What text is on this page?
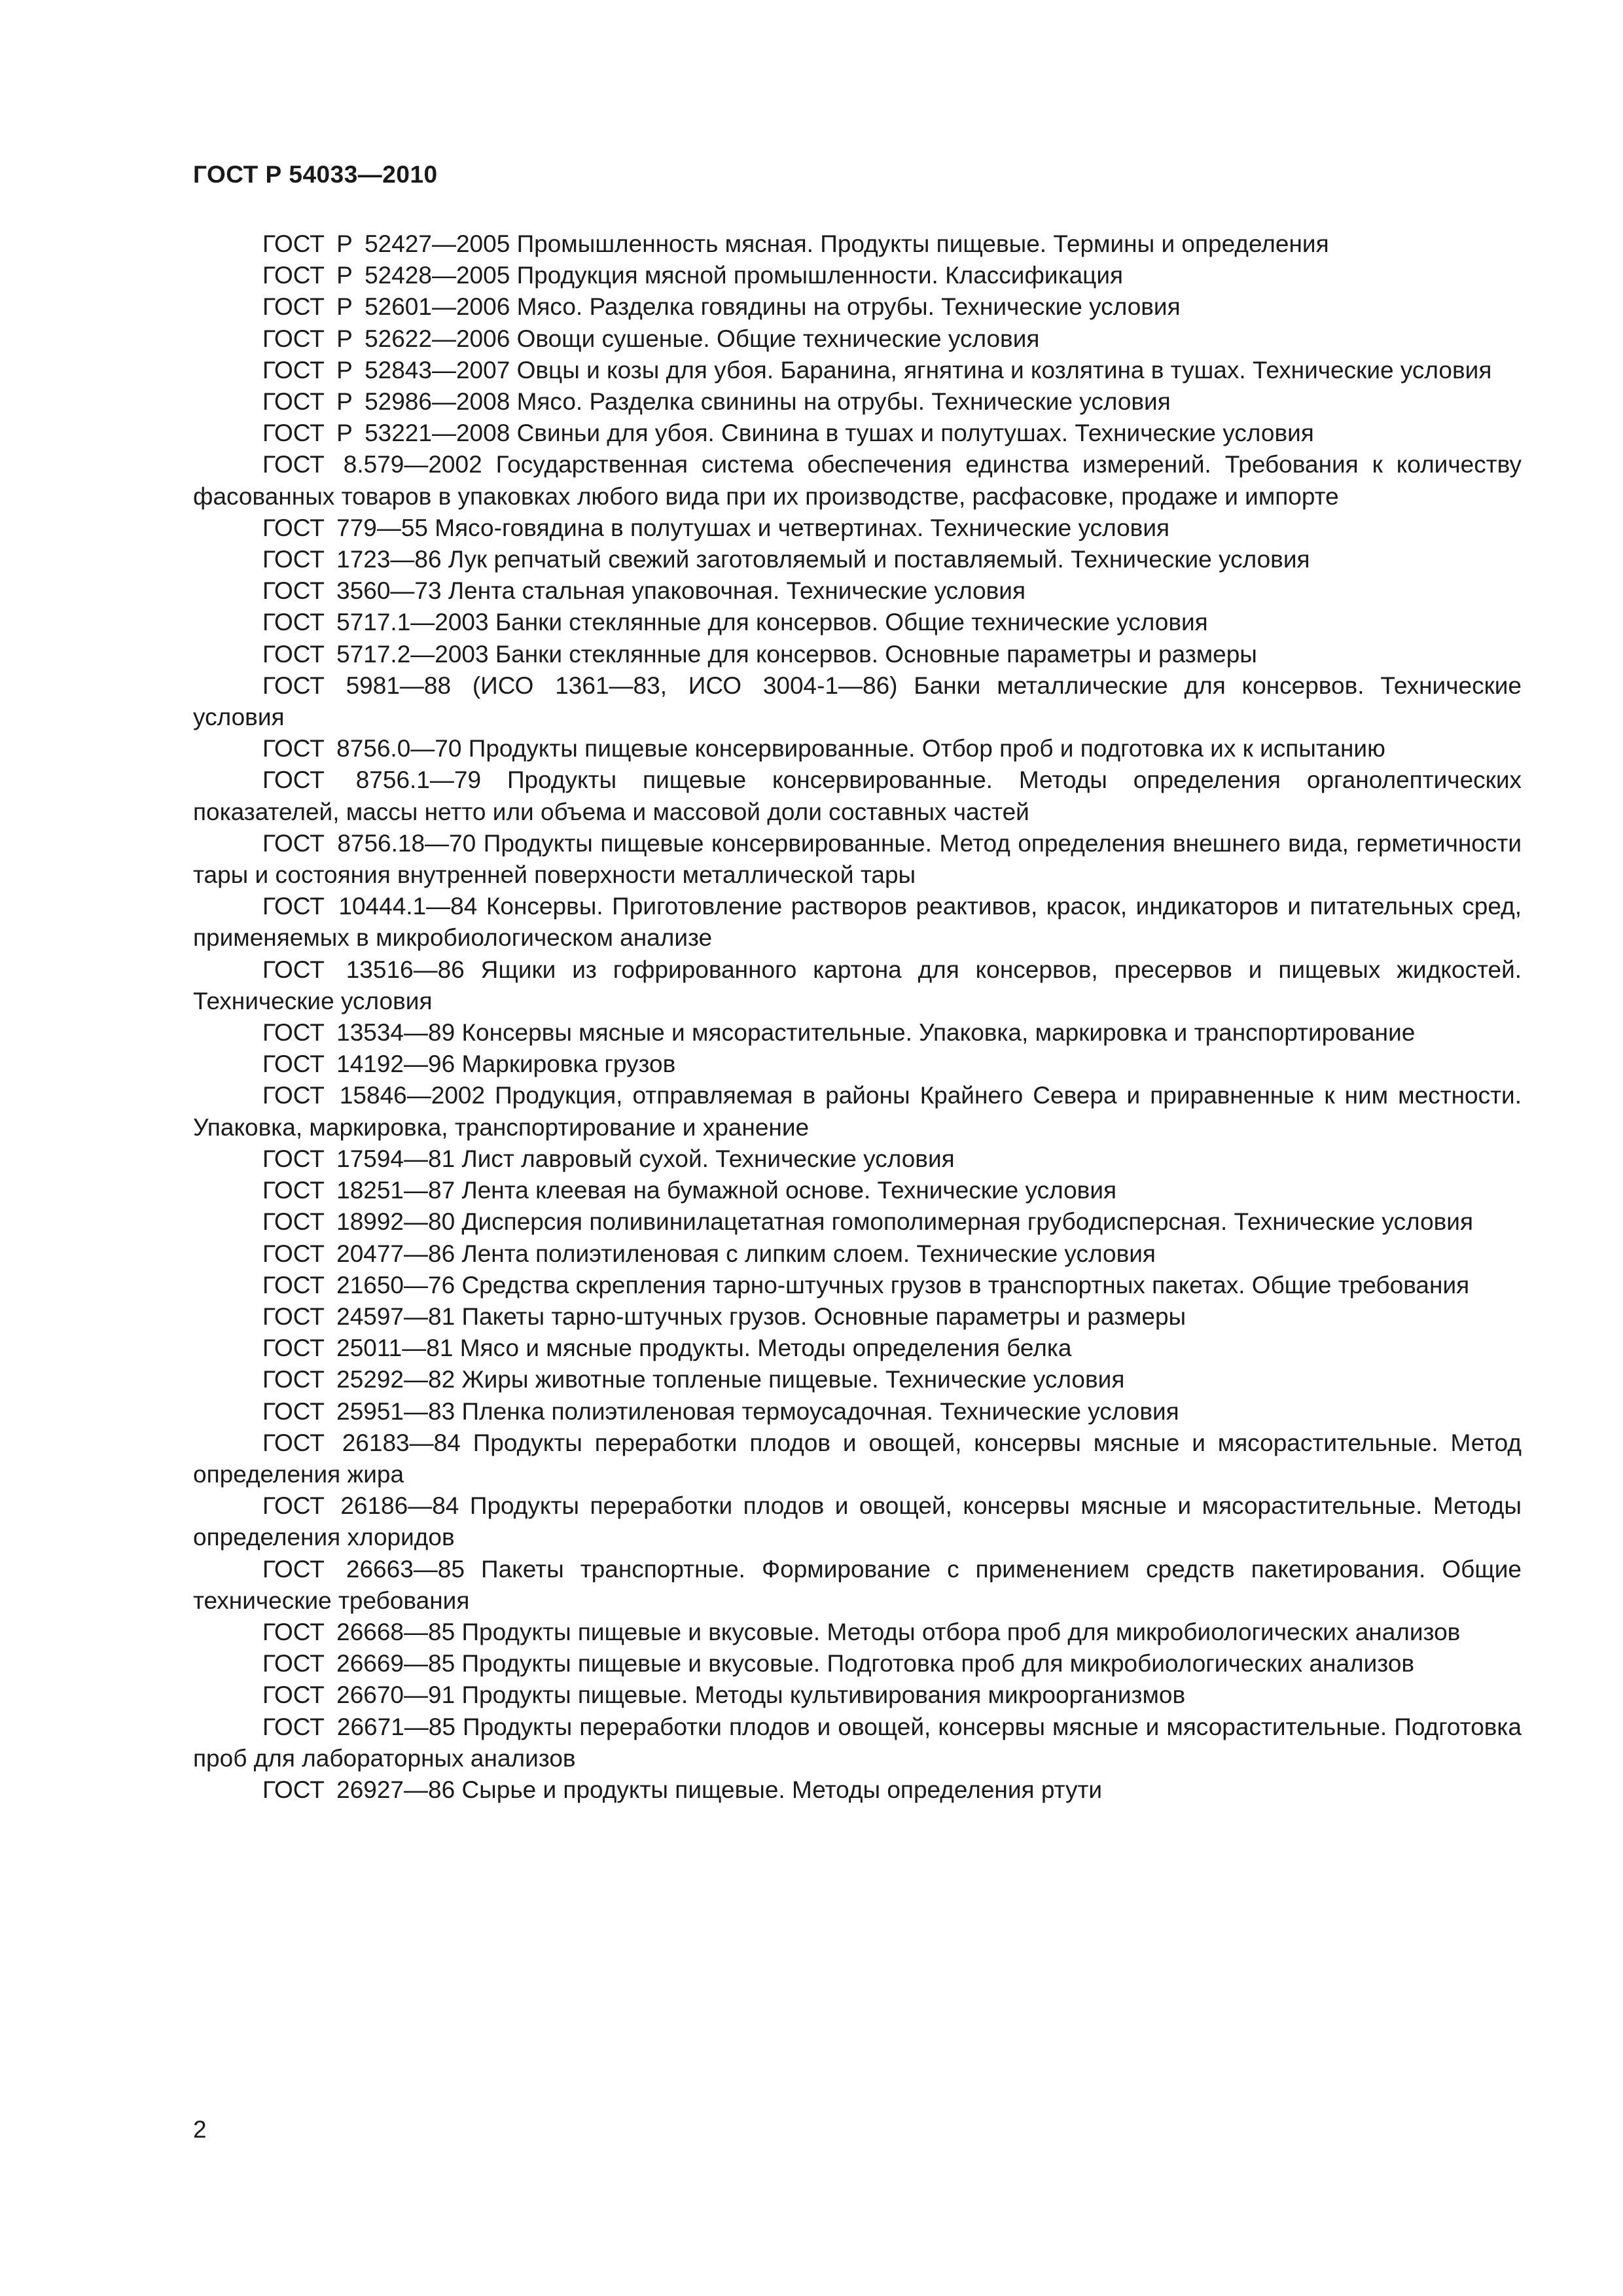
ГОСТ Р 54033—2010
ГОСТ Р 52427—2005 Промышленность мясная. Продукты пищевые. Термины и определения
ГОСТ Р 52428—2005 Продукция мясной промышленности. Классификация
ГОСТ Р 52601—2006 Мясо. Разделка говядины на отрубы. Технические условия
ГОСТ Р 52622—2006 Овощи сушеные. Общие технические условия
ГОСТ Р 52843—2007 Овцы и козы для убоя. Баранина, ягнятина и козлятина в тушах. Технические условия
ГОСТ Р 52986—2008 Мясо. Разделка свинины на отрубы. Технические условия
ГОСТ Р 53221—2008 Свиньи для убоя. Свинина в тушах и полутушах. Технические условия
ГОСТ 8.579—2002 Государственная система обеспечения единства измерений. Требования к количеству фасованных товаров в упаковках любого вида при их производстве, расфасовке, продаже и импорте
ГОСТ 779—55 Мясо-говядина в полутушах и четвертинах. Технические условия
ГОСТ 1723—86 Лук репчатый свежий заготовляемый и поставляемый. Технические условия
ГОСТ 3560—73 Лента стальная упаковочная. Технические условия
ГОСТ 5717.1—2003 Банки стеклянные для консервов. Общие технические условия
ГОСТ 5717.2—2003 Банки стеклянные для консервов. Основные параметры и размеры
ГОСТ 5981—88 (ИСО 1361—83, ИСО 3004-1—86) Банки металлические для консервов. Технические условия
ГОСТ 8756.0—70 Продукты пищевые консервированные. Отбор проб и подготовка их к испытанию
ГОСТ 8756.1—79 Продукты пищевые консервированные. Методы определения органолептических показателей, массы нетто или объема и массовой доли составных частей
ГОСТ 8756.18—70 Продукты пищевые консервированные. Метод определения внешнего вида, герметичности тары и состояния внутренней поверхности металлической тары
ГОСТ 10444.1—84 Консервы. Приготовление растворов реактивов, красок, индикаторов и питательных сред, применяемых в микробиологическом анализе
ГОСТ 13516—86 Ящики из гофрированного картона для консервов, пресервов и пищевых жидкостей. Технические условия
ГОСТ 13534—89 Консервы мясные и мясорастительные. Упаковка, маркировка и транспортирование
ГОСТ 14192—96 Маркировка грузов
ГОСТ 15846—2002 Продукция, отправляемая в районы Крайнего Севера и приравненные к ним местности. Упаковка, маркировка, транспортирование и хранение
ГОСТ 17594—81 Лист лавровый сухой. Технические условия
ГОСТ 18251—87 Лента клеевая на бумажной основе. Технические условия
ГОСТ 18992—80 Дисперсия поливинилацетатная гомополимерная грубодисперсная. Технические условия
ГОСТ 20477—86 Лента полиэтиленовая с липким слоем. Технические условия
ГОСТ 21650—76 Средства скрепления тарно-штучных грузов в транспортных пакетах. Общие требования
ГОСТ 24597—81 Пакеты тарно-штучных грузов. Основные параметры и размеры
ГОСТ 25011—81 Мясо и мясные продукты. Методы определения белка
ГОСТ 25292—82 Жиры животные топленые пищевые. Технические условия
ГОСТ 25951—83 Пленка полиэтиленовая термоусадочная. Технические условия
ГОСТ 26183—84 Продукты переработки плодов и овощей, консервы мясные и мясорастительные. Метод определения жира
ГОСТ 26186—84 Продукты переработки плодов и овощей, консервы мясные и мясорастительные. Методы определения хлоридов
ГОСТ 26663—85 Пакеты транспортные. Формирование с применением средств пакетирования. Общие технические требования
ГОСТ 26668—85 Продукты пищевые и вкусовые. Методы отбора проб для микробиологических анализов
ГОСТ 26669—85 Продукты пищевые и вкусовые. Подготовка проб для микробиологических анализов
ГОСТ 26670—91 Продукты пищевые. Методы культивирования микроорганизмов
ГОСТ 26671—85 Продукты переработки плодов и овощей, консервы мясные и мясорастительные. Подготовка проб для лабораторных анализов
ГОСТ 26927—86 Сырье и продукты пищевые. Методы определения ртути
2
